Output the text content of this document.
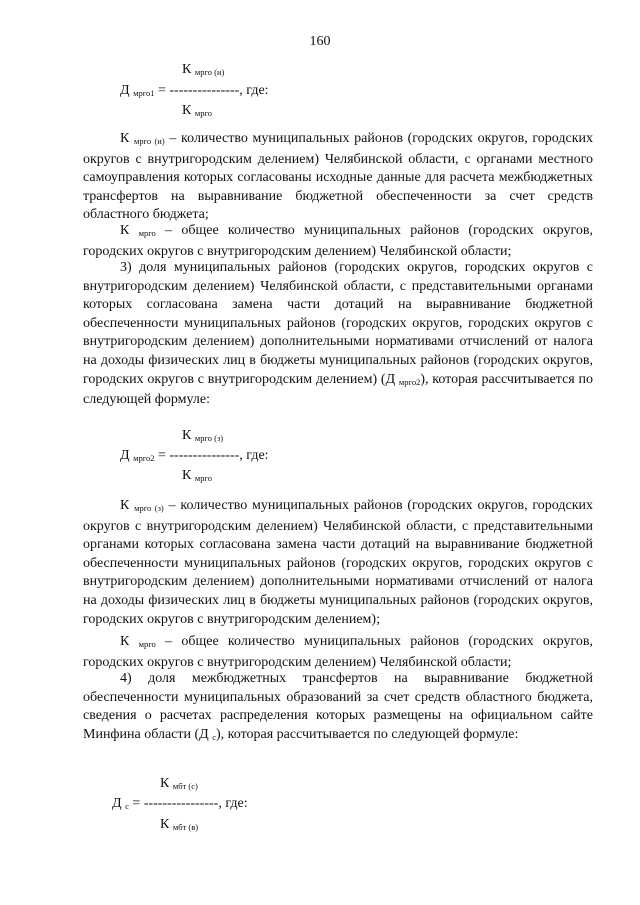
160
К $_{мрго (и)}$
Д $_{мрго1}$ = ---------------, где:
К $_{мрго}$

К $_{мрго (и)}$ – количество муниципальных районов (городских округов, городских округов с внутригородским делением) Челябинской области, с органами местного самоуправления которых согласованы исходные данные для расчета межбюджетных трансфертов на выравнивание бюджетной обеспеченности за счет средств областного бюджета;

К $_{мрго}$ – общее количество муниципальных районов (городских округов, городских округов с внутригородским делением) Челябинской области;

3) доля муниципальных районов (городских округов, городских округов с внутригородским делением) Челябинской области, с представительными органами которых согласована замена части дотаций на выравнивание бюджетной обеспеченности муниципальных районов (городских округов, городских округов с внутригородским делением) дополнительными нормативами отчислений от налога на доходы физических лиц в бюджеты муниципальных районов (городских округов, городских округов с внутригородским делением) (Д $_{мрго2}$), которая рассчитывается по следующей формуле:

К $_{мрго (з)}$
Д $_{мрго2}$ = ---------------, где:
К $_{мрго}$

К $_{мрго (з)}$ – количество муниципальных районов (городских округов, городских округов с внутригородским делением) Челябинской области, с представительными органами которых согласована замена части дотаций на выравнивание бюджетной обеспеченности муниципальных районов (городских округов, городских округов с внутригородским делением) дополнительными нормативами отчислений от налога на доходы физических лиц в бюджеты муниципальных районов (городских округов, городских округов с внутригородским делением);

К $_{мрго}$ – общее количество муниципальных районов (городских округов, городских округов с внутригородским делением) Челябинской области;

4) доля межбюджетных трансфертов на выравнивание бюджетной обеспеченности муниципальных образований за счет средств областного бюджета, сведения о расчетах распределения которых размещены на официальном сайте Минфина области (Д $_с$), которая рассчитывается по следующей формуле:

К $_{мбт (с)}$
Д $_с$ = ----------------, где:
К $_{мбт (в)}$
